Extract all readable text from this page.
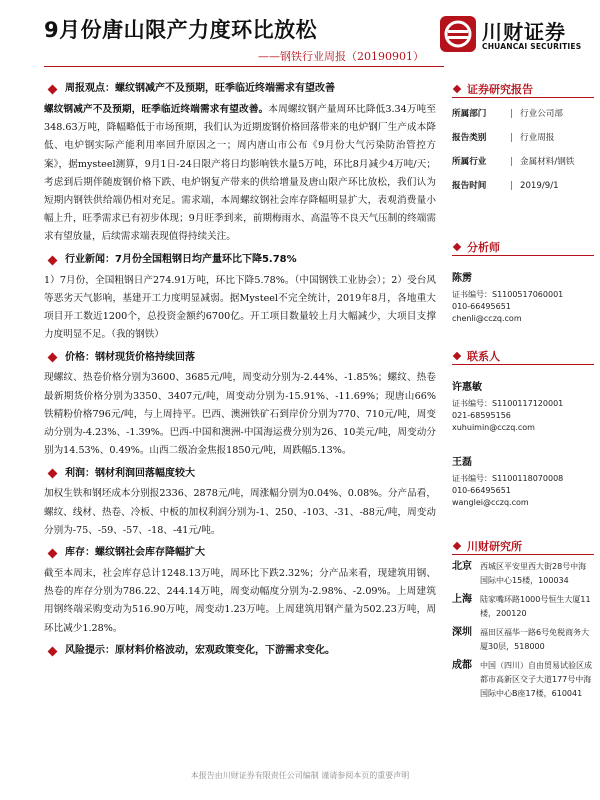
9月份唐山限产力度环比放松
——钢铁行业周报（20190901）
川财证券
CHUANCAI SECURITIES
周报观点：螺纹钢减产不及预期，旺季临近终端需求有望改善
螺纹钢减产不及预期，旺季临近终端需求有望改善。本周螺纹钢产量周环比降低3.34万吨至348.63万吨，降幅略低于市场预期，我们认为近期废钢价格回落带来的电炉钢厂生产成本降低、电炉钢实际产能利用率回升原因之一；周内唐山市公布《9月份大气污染防治管控方案》，据mysteel测算，9月1日-24日限产将日均影响铁水量5万吨，环比8月减少4万吨/天；考虑到后期伴随废钢价格下跌、电炉钢复产带来的供给增量及唐山限产环比放松，我们认为短期内钢铁供给端仍相对充足。需求端，本周螺纹钢社会库存降幅明显扩大，表观消费量小幅上升，旺季需求已有初步体现；9月旺季到来，前期梅雨水、高温等不良天气压制的终端需求有望放量，后续需求端表现值得持续关注。
行业新闻：7月份全国粗钢日均产量环比下降5.78%
1）7月份，全国粗钢日产274.91万吨，环比下降5.78%。（中国钢铁工业协会）；2）受台风等恶劣天气影响，基建开工力度明显减弱。据Mysteel不完全统计，2019年8月，各地重大项目开工数近1200个，总投资金额约6700亿。开工项目数量较上月大幅减少，大项目支撑力度明显不足。（我的钢铁）
价格：钢材现货价格持续回落
现螺纹、热卷价格分别为3600、3685元/吨，周变动分别为-2.44%、-1.85%；螺纹、热卷最新期货价格分别为3350、3407元/吨，周变动分别为-15.91%、-11.69%；现唐山66%铁精粉价格796元/吨，与上周持平。巴西、澳洲铁矿石到岸价分别为770、710元/吨，周变动分别为-4.23%、-1.39%。巴西-中国和澳洲-中国海运费分别为26、10美元/吨，周变动分别为14.53%、0.49%。山西二级冶金焦报1850元/吨，周跌幅5.13%。
利润：钢材利润回落幅度较大
加权生铁和钢坯成本分别报2336、2878元/吨，周涨幅分别为0.04%、0.08%。分产品看，螺纹、线材、热卷、冷板、中板的加权利润分别为-1、250、-103、-31、-88元/吨，周变动分别为-75、-59、-57、-18、-41元/吨。
库存：螺纹钢社会库存降幅扩大
截至本周末，社会库存总计1248.13万吨，周环比下跌2.32%；分产品来看，现建筑用钢、热卷的库存分别为786.22、244.14万吨，周变动幅度分别为-2.98%、-2.09%。上周建筑用钢终端采购变动为516.90万吨，周变动1.23万吨。上周建筑用钢产量为502.23万吨，周环比减少1.28%。
风险提示：原材料价格波动，宏观政策变化，下游需求变化。
证券研究报告
所属部门	| 行业公司部
报告类别	| 行业周报
所属行业	| 金属材料/钢铁
报告时间	| 2019/9/1
分析师
陈雳
证书编号：S1100517060001
010-66495651
chenli@cczq.com
联系人
许惠敏
证书编号：S1100117120001
021-68595156
xuhuimin@cczq.com
王磊
证书编号：S1100118070008
010-66495651
wanglei@cczq.com
川财研究所
北京	西城区平安里西大街28号中海国际中心15楼，100034
上海	陆家嘴环路1000号恒生大厦11楼，200120
深圳	福田区福华一路6号免税商务大厦30层，518000
成都	中国（四川）自由贸易试验区成都市高新区交子大道177号中海国际中心B座17楼，610041
本报告由川财证券有限责任公司编制 谨请参阅本页的重要声明
